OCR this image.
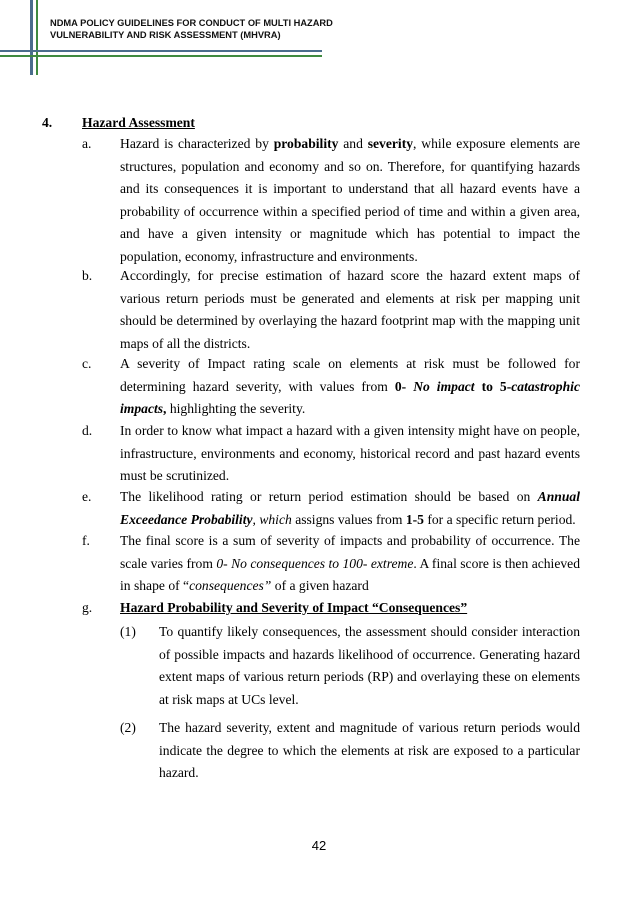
NDMA POLICY GUIDELINES FOR CONDUCT OF MULTI HAZARD
VULNERABILITY AND RISK ASSESSMENT (MHVRA)
4. Hazard Assessment
a. Hazard is characterized by probability and severity, while exposure elements are structures, population and economy and so on. Therefore, for quantifying hazards and its consequences it is important to understand that all hazard events have a probability of occurrence within a specified period of time and within a given area, and have a given intensity or magnitude which has potential to impact the population, economy, infrastructure and environments.
b. Accordingly, for precise estimation of hazard score the hazard extent maps of various return periods must be generated and elements at risk per mapping unit should be determined by overlaying the hazard footprint map with the mapping unit maps of all the districts.
c. A severity of Impact rating scale on elements at risk must be followed for determining hazard severity, with values from 0- No impact to 5-catastrophic impacts, highlighting the severity.
d. In order to know what impact a hazard with a given intensity might have on people, infrastructure, environments and economy, historical record and past hazard events must be scrutinized.
e. The likelihood rating or return period estimation should be based on Annual Exceedance Probability, which assigns values from 1-5 for a specific return period.
f. The final score is a sum of severity of impacts and probability of occurrence. The scale varies from 0- No consequences to 100- extreme. A final score is then achieved in shape of “consequences” of a given hazard
g. Hazard Probability and Severity of Impact “Consequences”
(1) To quantify likely consequences, the assessment should consider interaction of possible impacts and hazards likelihood of occurrence. Generating hazard extent maps of various return periods (RP) and overlaying these on elements at risk maps at UCs level.
(2) The hazard severity, extent and magnitude of various return periods would indicate the degree to which the elements at risk are exposed to a particular hazard.
42
